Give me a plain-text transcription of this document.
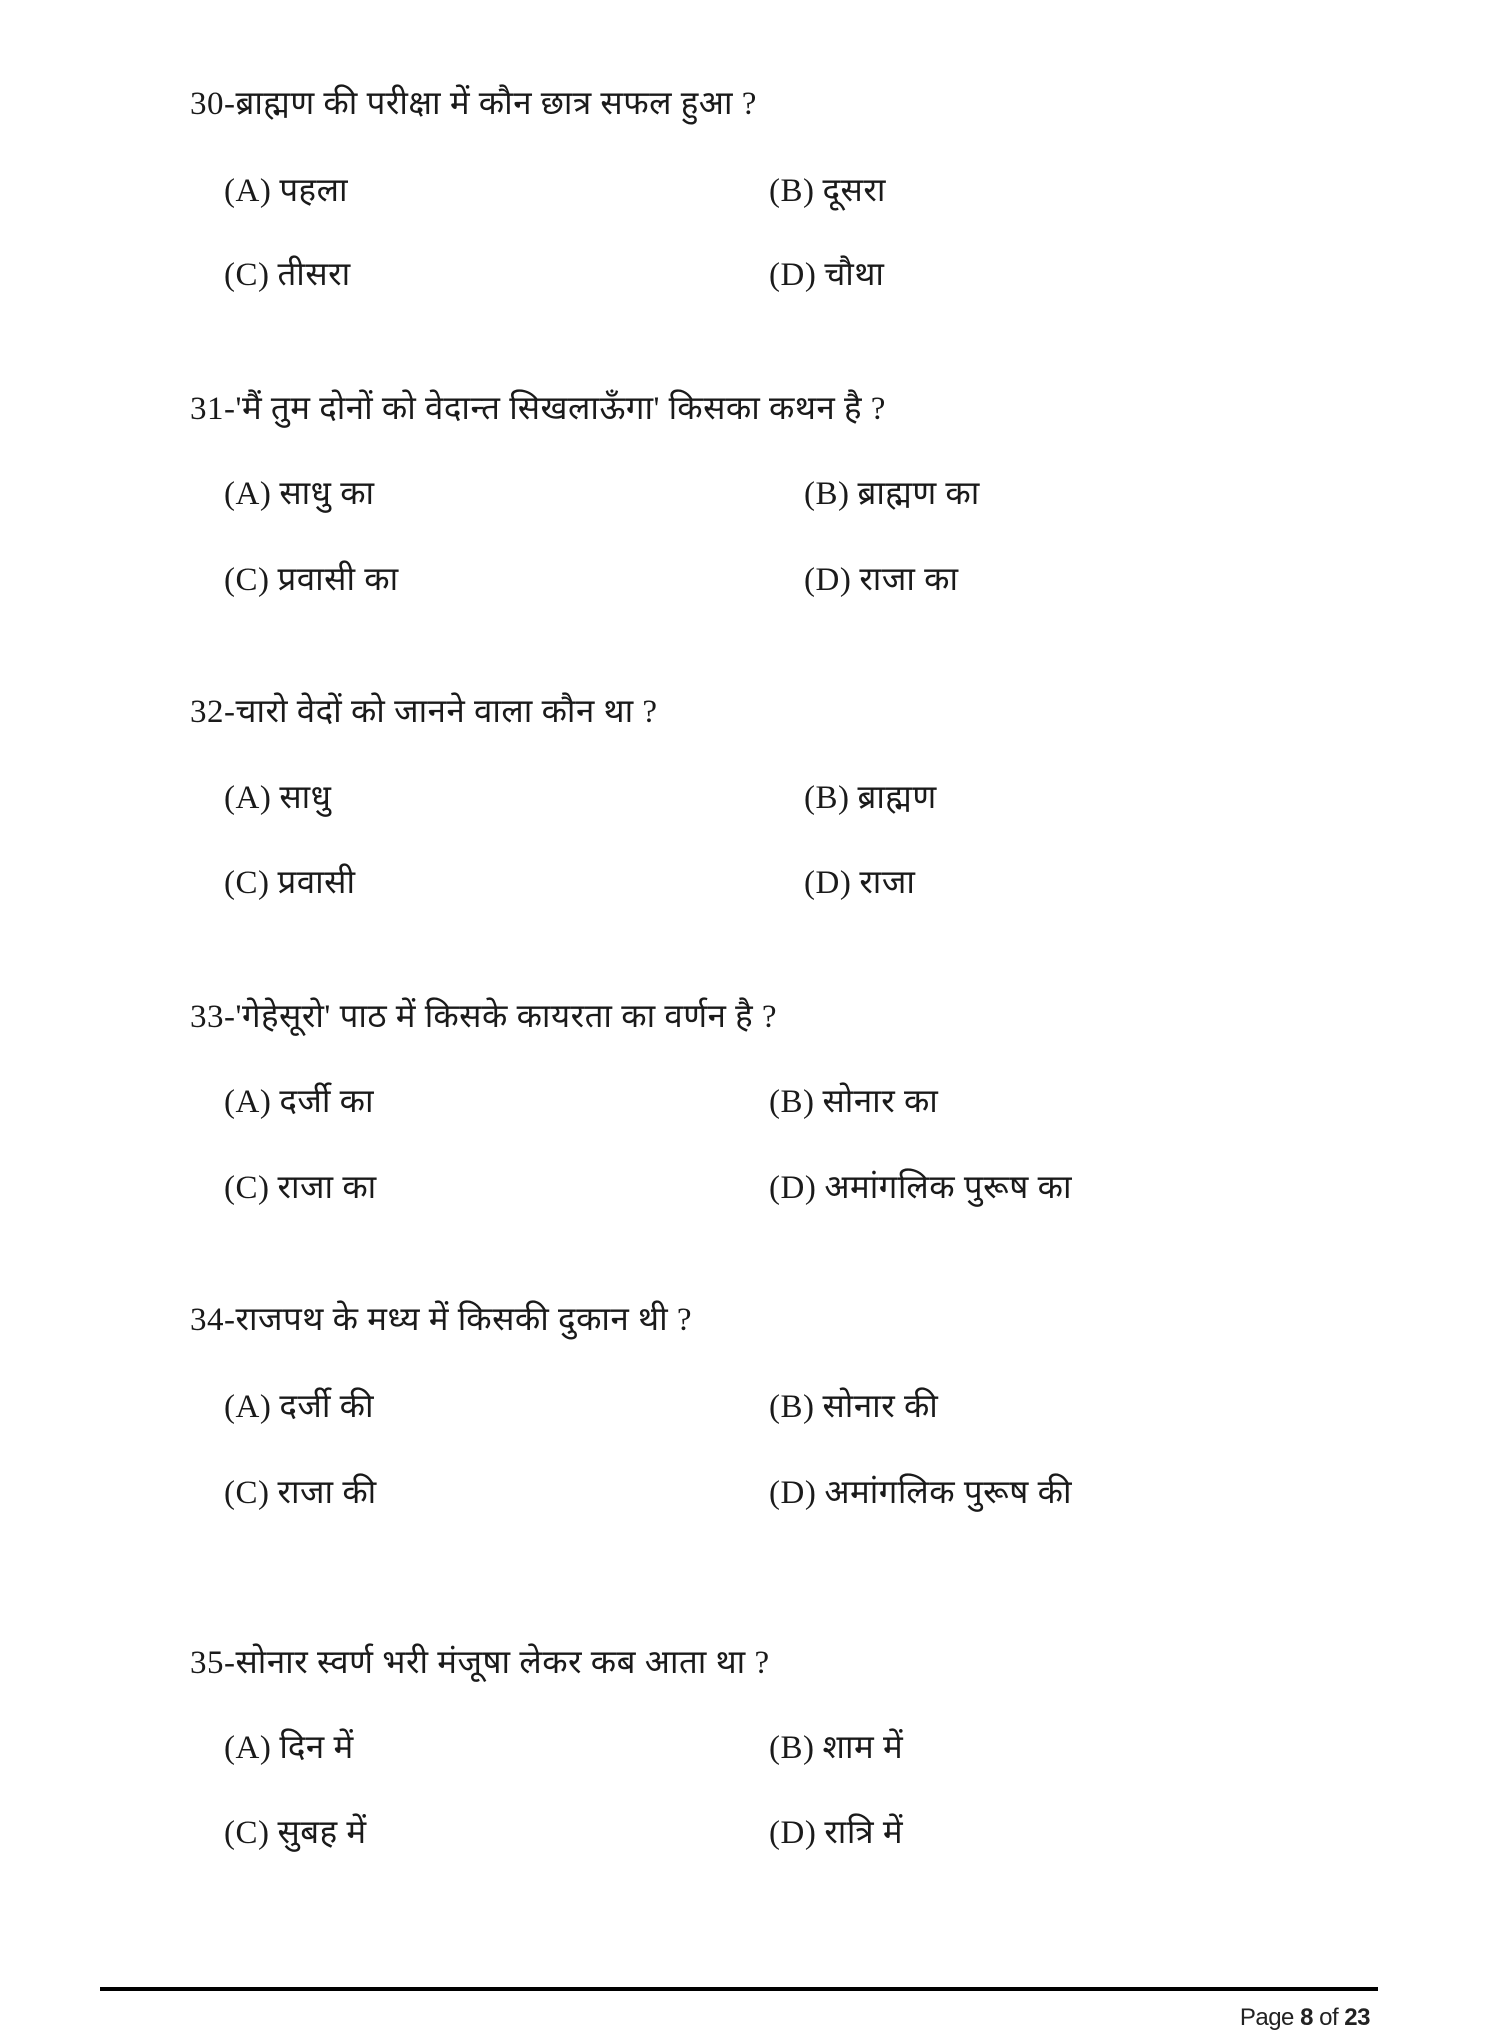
30-ब्राह्मण की परीक्षा में कौन छात्र सफल हुआ ?
(A) पहला	(B) दूसरा
(C) तीसरा	(D) चौथा
31-'मैं तुम दोनों को वेदान्त सिखलाऊँगा' किसका कथन है ?
(A) साधु का	(B) ब्राह्मण का
(C) प्रवासी का	(D) राजा का
32-चारो वेदों को जानने वाला कौन था ?
(A) साधु	(B) ब्राह्मण
(C) प्रवासी	(D) राजा
33-'गेहेसूरो' पाठ में किसके कायरता का वर्णन है ?
(A) दर्जी का	(B) सोनार का
(C) राजा का	(D) अमांगलिक पुरूष का
34-राजपथ के मध्य में किसकी दुकान थी ?
(A) दर्जी की	(B) सोनार की
(C) राजा की	(D) अमांगलिक पुरूष की
35-सोनार स्वर्ण भरी मंजूषा लेकर कब आता था ?
(A) दिन में	(B) शाम में
(C) सुबह में	(D) रात्रि में
Page 8 of 23
